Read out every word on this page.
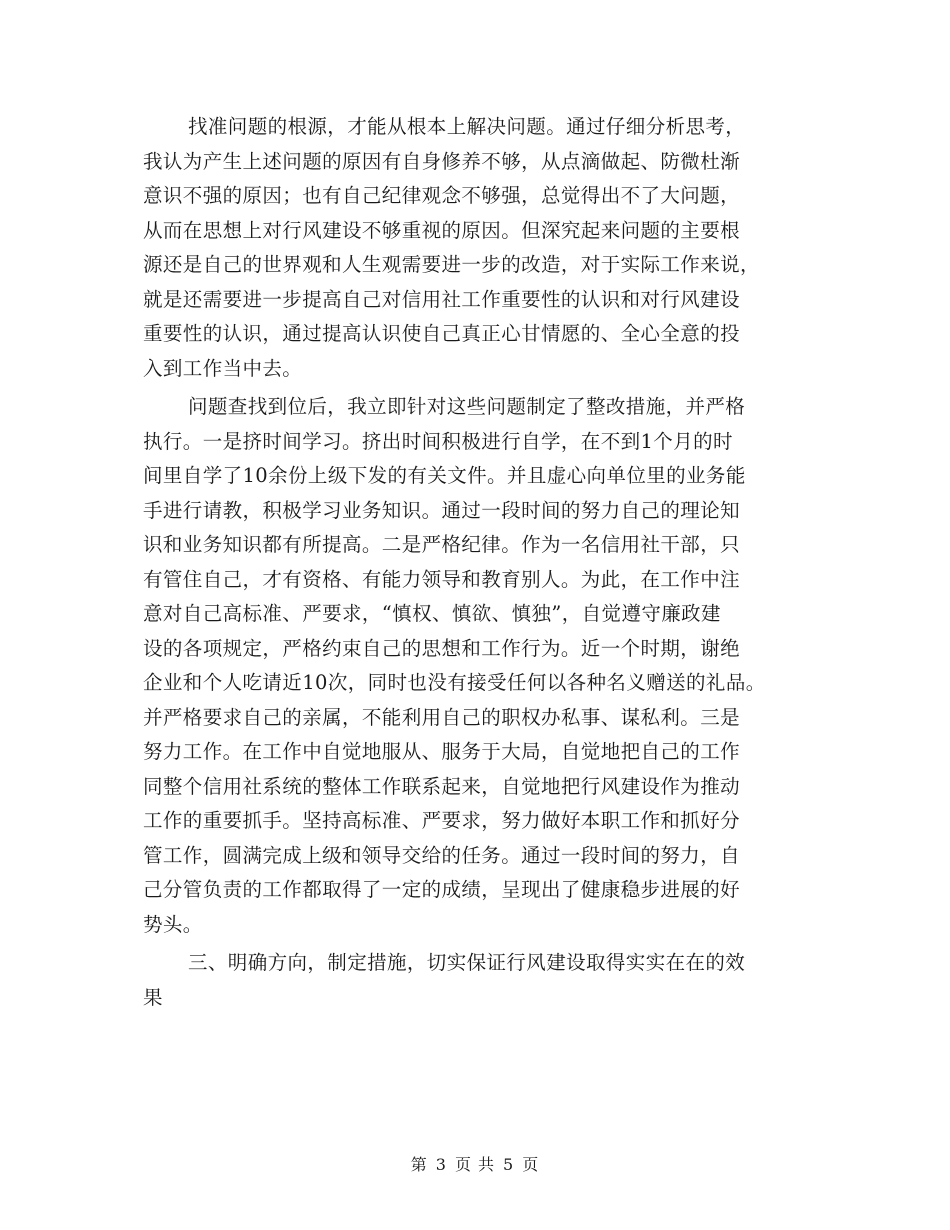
找准问题的根源，才能从根本上解决问题。通过仔细分析思考，
我认为产生上述问题的原因有自身修养不够，从点滴做起、防微杜渐
意识不强的原因；也有自己纪律观念不够强，总觉得出不了大问题，
从而在思想上对行风建设不够重视的原因。但深究起来问题的主要根
源还是自己的世界观和人生观需要进一步的改造，对于实际工作来说，
就是还需要进一步提高自己对信用社工作重要性的认识和对行风建设
重要性的认识，通过提高认识使自己真正心甘情愿的、全心全意的投
入到工作当中去。
问题查找到位后，我立即针对这些问题制定了整改措施，并严格
执行。一是挤时间学习。挤出时间积极进行自学，在不到1个月的时
间里自学了10余份上级下发的有关文件。并且虚心向单位里的业务能
手进行请教，积极学习业务知识。通过一段时间的努力自己的理论知
识和业务知识都有所提高。二是严格纪律。作为一名信用社干部，只
有管住自己，才有资格、有能力领导和教育别人。为此，在工作中注
意对自己高标准、严要求，“慎权、慎欲、慎独”，自觉遵守廉政建
设的各项规定，严格约束自己的思想和工作行为。近一个时期，谢绝
企业和个人吃请近10次，同时也没有接受任何以各种名义赠送的礼品。
并严格要求自己的亲属，不能利用自己的职权办私事、谋私利。三是
努力工作。在工作中自觉地服从、服务于大局，自觉地把自己的工作
同整个信用社系统的整体工作联系起来，自觉地把行风建设作为推动
工作的重要抓手。坚持高标准、严要求，努力做好本职工作和抓好分
管工作，圆满完成上级和领导交给的任务。通过一段时间的努力，自
己分管负责的工作都取得了一定的成绩，呈现出了健康稳步进展的好
势头。
三、明确方向，制定措施，切实保证行风建设取得实实在在的效
果
第 3 页 共 5 页
